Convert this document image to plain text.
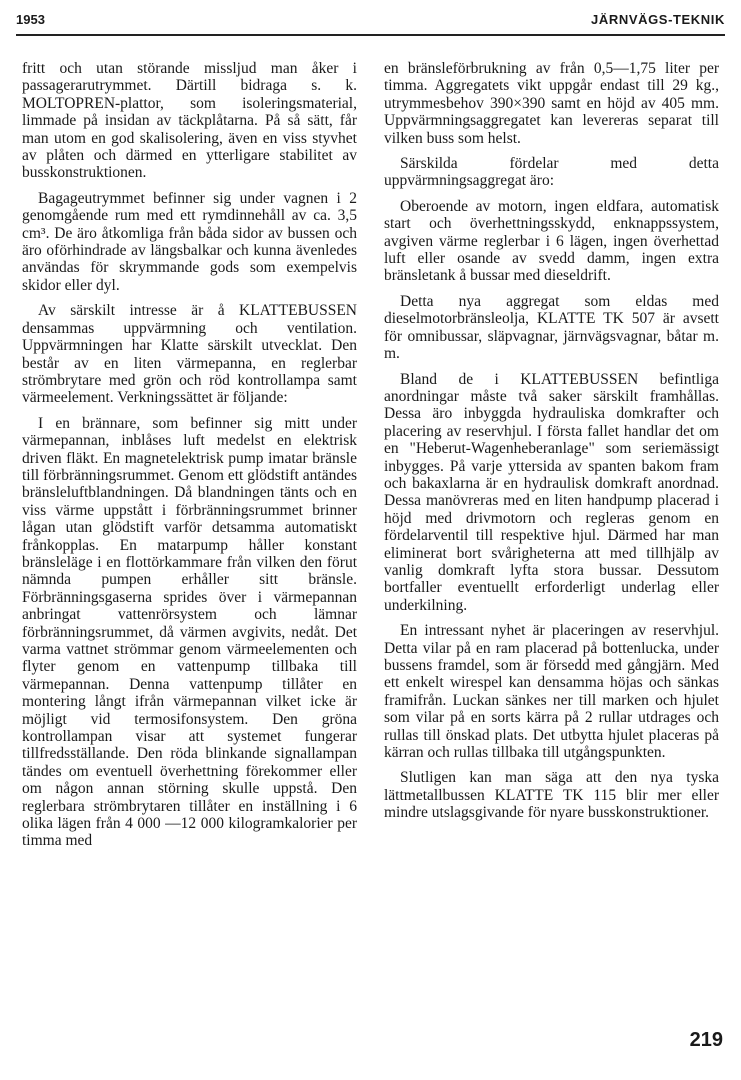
1953	JÄRNVÄGS-TEKNIK

fritt och utan störande missljud man åker i passagerarutrymmet. Därtill bidraga s. k. MOLTOPREN-plattor, som isoleringsmaterial, limmade på insidan av täckplåtarna. På så sätt, får man utom en god skalisolering, även en viss styvhet av plåten och därmed en ytterligare stabilitet av busskonstruktionen.

Bagageutrymmet befinner sig under vagnen i 2 genomgående rum med ett rymdinnehåll av ca. 3,5 cm³. De äro åtkomliga från båda sidor av bussen och äro oförhindrade av längsbalkar och kunna ävenledes användas för skrymmande gods som exempelvis skidor eller dyl.

Av särskilt intresse är å KLATTEBUSSEN densammas uppvärmning och ventilation. Uppvärmningen har Klatte särskilt utvecklat. Den består av en liten värmepanna, en reglerbar strömbrytare med grön och röd kontrollampa samt värmeelement. Verkningssättet är följande:

I en brännare, som befinner sig mitt under värmepannan, inblåses luft medelst en elektrisk driven fläkt. En magnetelektrisk pump imatar bränsle till förbränningsrummet. Genom ett glödstift antändes bränsleluftblandningen. Då blandningen tänts och en viss värme uppstått i förbränningsrummet brinner lågan utan glödstift varför detsamma automatiskt frånkopplas. En matarpump håller konstant bränsleläge i en flottörkammare från vilken den förut nämnda pumpen erhåller sitt bränsle. Förbränningsgaserna sprides över i värmepannan anbringat vattenrörsystem och lämnar förbränningsrummet, då värmen avgivits, nedåt. Det varma vattnet strömmar genom värmeelementen och flyter genom en vattenpump tillbaka till värmepannan. Denna vattenpump tillåter en montering långt ifrån värmepannan vilket icke är möjligt vid termosifonsystem. Den gröna kontrollampan visar att systemet fungerar tillfredsställande. Den röda blinkande signallampan tändes om eventuell överhettning förekommer eller om någon annan störning skulle uppstå. Den reglerbara strömbrytaren tillåter en inställning i 6 olika lägen från 4 000 —12 000 kilogramkalorier per timma med

en bränsleförbrukning av från 0,5—1,75 liter per timma. Aggregatets vikt uppgår endast till 29 kg., utrymmesbehov 390×390 samt en höjd av 405 mm. Uppvärmningsaggregatet kan levereras separat till vilken buss som helst.

Särskilda fördelar med detta uppvärmningsaggregat äro:

Oberoende av motorn, ingen eldfara, automatisk start och överhettningsskydd, enknappssystem, avgiven värme reglerbar i 6 lägen, ingen överhettad luft eller osande av svedd damm, ingen extra bränsletank å bussar med dieseldrift.

Detta nya aggregat som eldas med dieselmotorbränsleolja, KLATTE TK 507 är avsett för omnibussar, släpvagnar, järnvägsvagnar, båtar m. m.

Bland de i KLATTEBUSSEN befintliga anordningar måste två saker särskilt framhållas. Dessa äro inbyggda hydrauliska domkrafter och placering av reservhjul. I första fallet handlar det om en "Heberut-Wagenheberanlage" som seriemässigt inbygges. På varje yttersida av spanten bakom fram och bakaxlarna är en hydraulisk domkraft anordnad. Dessa manövreras med en liten handpump placerad i höjd med drivmotorn och regleras genom en fördelarventil till respektive hjul. Därmed har man eliminerat bort svårigheterna att med tillhjälp av vanlig domkraft lyfta stora bussar. Dessutom bortfaller eventuellt erforderligt underlag eller underkilning.

En intressant nyhet är placeringen av reservhjul. Detta vilar på en ram placerad på bottenlucka, under bussens framdel, som är försedd med gångjärn. Med ett enkelt wirespel kan densamma höjas och sänkas framifrån. Luckan sänkes ner till marken och hjulet som vilar på en sorts kärra på 2 rullar utdrages och rullas till önskad plats. Det utbytta hjulet placeras på kärran och rullas tillbaka till utgångspunkten.

Slutligen kan man säga att den nya tyska lättmetallbussen KLATTE TK 115 blir mer eller mindre utslagsgivande för nyare busskonstruktioner.

219
